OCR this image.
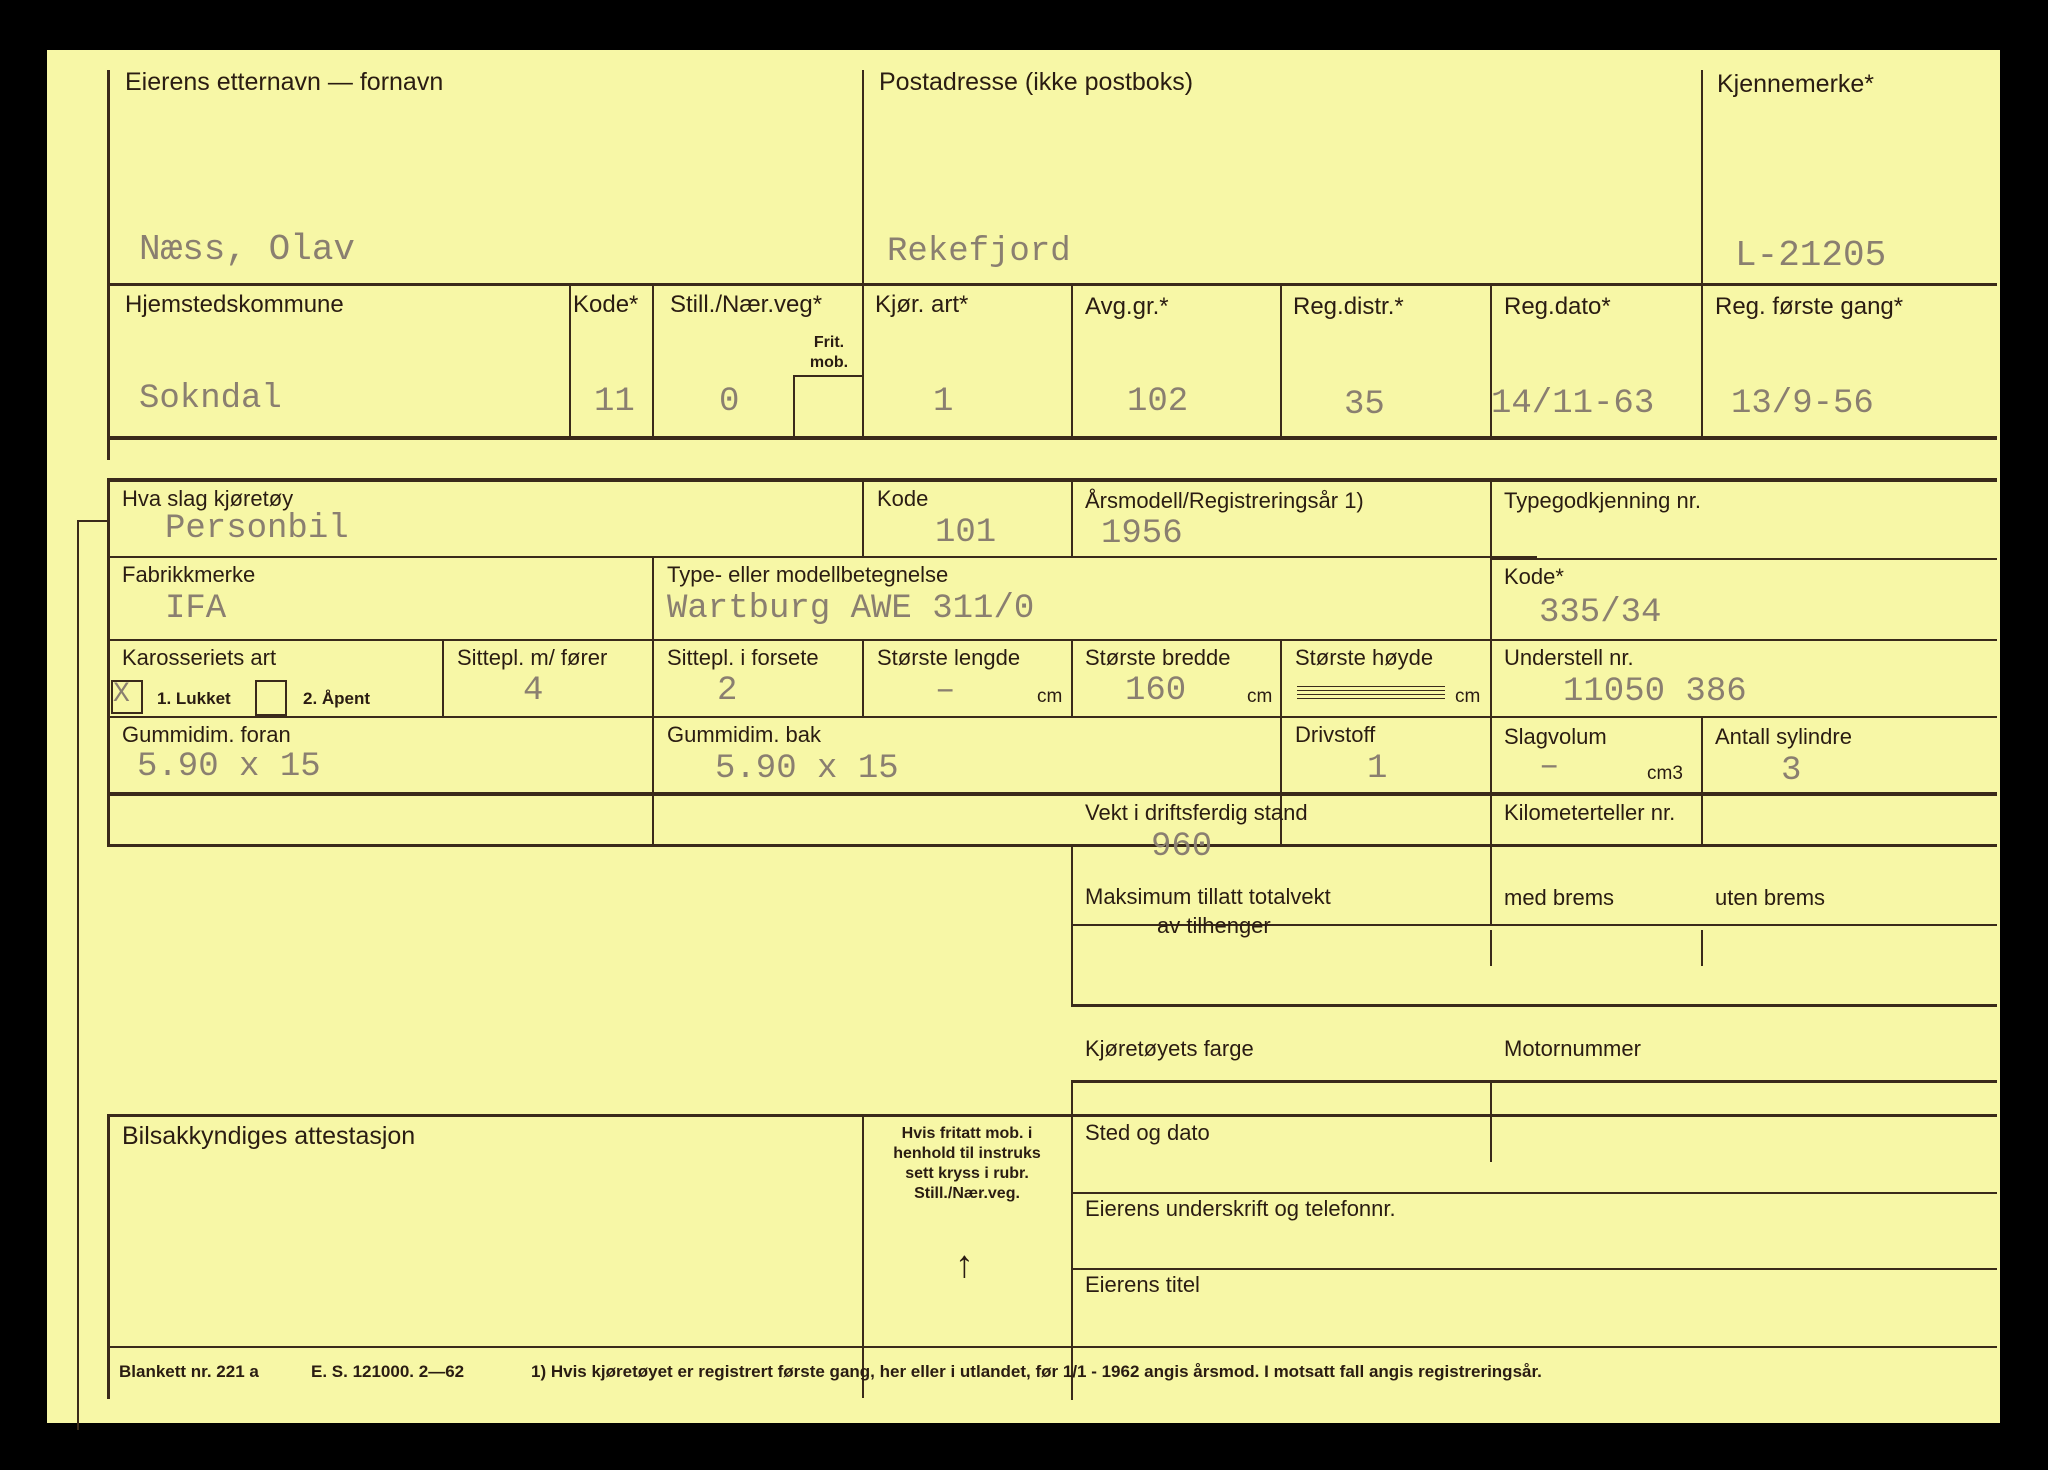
Eierens etternavn — fornavn
Næss, Olav
Postadresse (ikke postboks)
Rekefjord
Kjennemerke*
L-21205
Hjemstedskommune
Sokndal
Kode*
11
Still./Nær.veg*
Frit. mob.
0
Kjør. art*
1
Avg.gr.*
102
Reg.distr.*
35
Reg.dato*
14/11-63
Reg. første gang*
13/9-56
Hva slag kjøretøy
Personbil
Kode
101
Årsmodell/Registreringsår 1)
1956
Typegodkjenning nr.
Fabrikkmerke
IFA
Type- eller modellbetegnelse
Wartburg AWE 311/0
Kode*
335/34
Karosseriets art
X 1. Lukket	2. Åpent
Sittepl. m/ fører
4
Sittepl. i forsete
2
Største lengde
–	cm
Største bredde
160	cm
Største høyde
cm
Understell nr.
11050 386
Gummidim. foran
5.90 x 15
Gummidim. bak
5.90 x 15
Drivstoff
1
Slagvolum
–	cm3
Antall sylindre
3
Vekt i driftsferdig stand
960
Kilometerteller nr.
Maksimum tillatt totalvekt
av tilhenger
med brems	uten brems
Kjøretøyets farge	Motornummer
Bilsakkyndiges attestasjon	Hvis fritatt mob. i henhold til instruks sett kryss i rubr. Still./Nær.veg.
↑
Sted og dato
Eierens underskrift og telefonnr.
Eierens titel
Blankett nr. 221 a	E. S. 121000. 2—62	1) Hvis kjøretøyet er registrert første gang, her eller i utlandet, før 1/1 - 1962 angis årsmod. I motsatt fall angis registreringsår.
